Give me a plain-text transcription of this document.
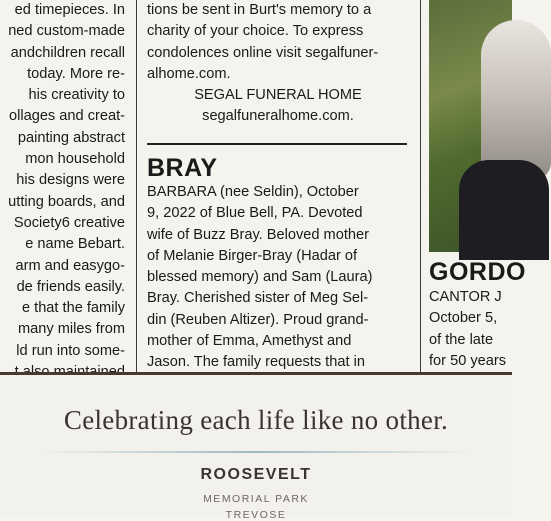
ed timepieces. In
ned custom-made
andchildren recall
today. More re-
his creativity to
ollages and creat-
painting abstract
mon household
his designs were
utting boards, and
Society6 creative
e name Bebart.
arm and easygo-
de friends easily.
e that the family
many miles from
ld run into some-
tions be sent in Burt's memory to a
charity of your choice. To express
condolences online visit segalfuner-
alhome.com.
SEGAL FUNERAL HOME
segalfuneralhome.com.
BRAY
BARBARA (nee Seldin), October
9, 2022 of Blue Bell, PA. Devoted
wife of Buzz Bray. Beloved mother
of Melanie Birger-Bray (Hadar of
blessed memory) and Sam (Laura)
Bray. Cherished sister of Meg Sel-
din (Reuben Altizer). Proud grand-
mother of Emma, Amethyst and
Jason. The family requests that in
GORDO
CANTOR J
October 5,
of the late
for 50 years
Celebrating each life like no other.
ROOSEVELT
MEMORIAL PARK
TREVOSE
